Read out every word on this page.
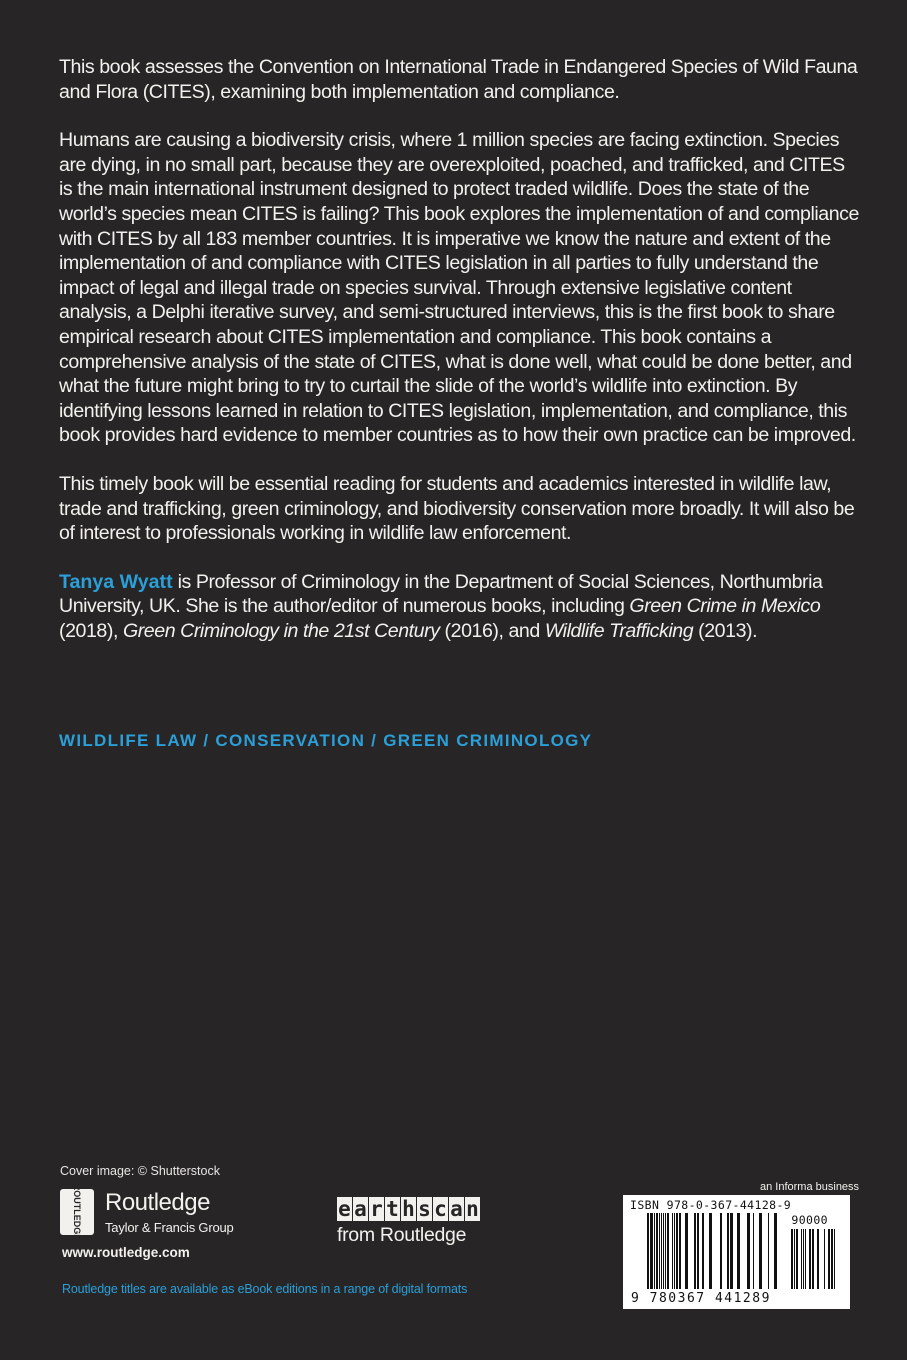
This book assesses the Convention on International Trade in Endangered Species of Wild Fauna and Flora (CITES), examining both implementation and compliance.

Humans are causing a biodiversity crisis, where 1 million species are facing extinction. Species are dying, in no small part, because they are overexploited, poached, and trafficked, and CITES is the main international instrument designed to protect traded wildlife. Does the state of the world’s species mean CITES is failing? This book explores the implementation of and compliance with CITES by all 183 member countries. It is imperative we know the nature and extent of the implementation of and compliance with CITES legislation in all parties to fully understand the impact of legal and illegal trade on species survival. Through extensive legislative content analysis, a Delphi iterative survey, and semi-structured interviews, this is the first book to share empirical research about CITES implementation and compliance. This book contains a comprehensive analysis of the state of CITES, what is done well, what could be done better, and what the future might bring to try to curtail the slide of the world’s wildlife into extinction. By identifying lessons learned in relation to CITES legislation, implementation, and compliance, this book provides hard evidence to member countries as to how their own practice can be improved.

This timely book will be essential reading for students and academics interested in wildlife law, trade and trafficking, green criminology, and biodiversity conservation more broadly. It will also be of interest to professionals working in wildlife law enforcement.

Tanya Wyatt is Professor of Criminology in the Department of Social Sciences, Northumbria University, UK. She is the author/editor of numerous books, including Green Crime in Mexico (2018), Green Criminology in the 21st Century (2016), and Wildlife Trafficking (2013).

WILDLIFE LAW / CONSERVATION / GREEN CRIMINOLOGY
Cover image: © Shutterstock
ROUTLEDGE Routledge
Taylor & Francis Group
www.routledge.com
e a r t h s c a n
from Routledge
an Informa business
ISBN 978-0-367-44128-9
90000
9 780367 441289
Routledge titles are available as eBook editions in a range of digital formats
